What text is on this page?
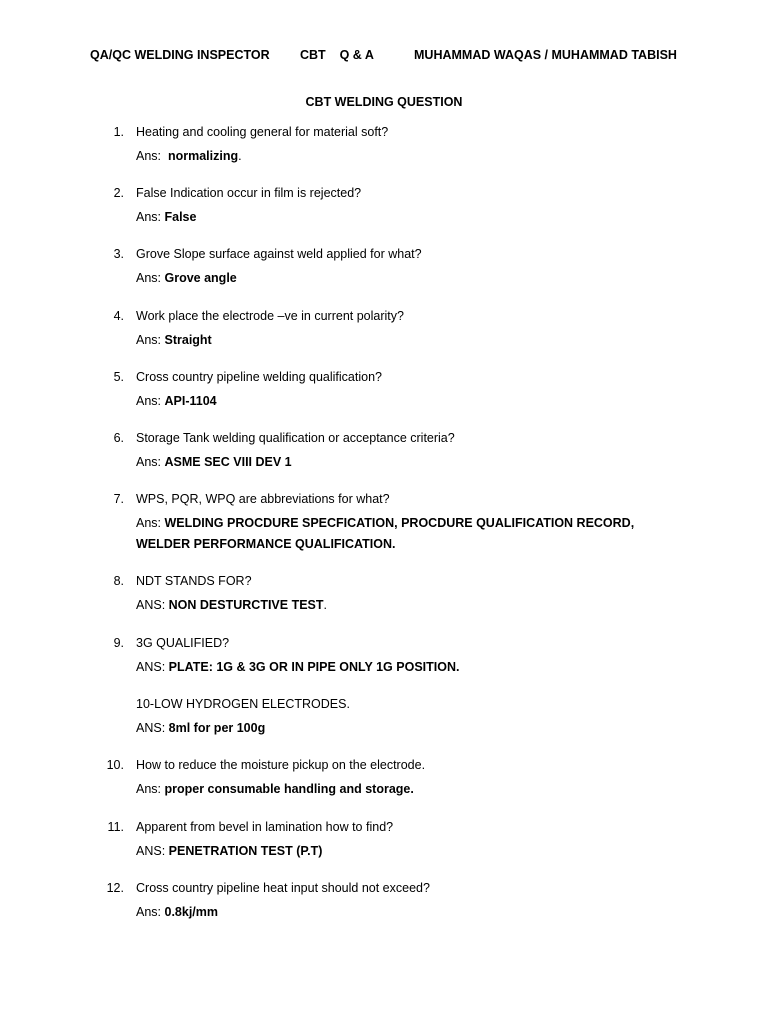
QA/QC WELDING INSPECTOR CBT    Q & A	MUHAMMAD WAQAS / MUHAMMAD TABISH
CBT WELDING QUESTION
1. Heating and cooling general for material soft?
Ans:  normalizing.
2. False Indication occur in film is rejected?
Ans: False
3. Grove Slope surface against weld applied for what?
Ans: Grove angle
4. Work place the electrode –ve in current polarity?
Ans: Straight
5. Cross country pipeline welding qualification?
Ans: API-1104
6. Storage Tank welding qualification or acceptance criteria?
Ans: ASME SEC VIII DEV 1
7. WPS, PQR, WPQ are abbreviations for what?
Ans: WELDING PROCDURE SPECFICATION, PROCDURE QUALIFICATION RECORD,
WELDER PERFORMANCE QUALIFICATION.
8. NDT STANDS FOR?
ANS: NON DESTURCTIVE TEST.
9. 3G QUALIFIED?
ANS: PLATE: 1G & 3G OR IN PIPE ONLY 1G POSITION.
10-LOW HYDROGEN ELECTRODES.
ANS: 8ml for per 100g
10. How to reduce the moisture pickup on the electrode.
Ans: proper consumable handling and storage.
11. Apparent from bevel in lamination how to find?
ANS: PENETRATION TEST (P.T)
12. Cross country pipeline heat input should not exceed?
Ans: 0.8kj/mm
